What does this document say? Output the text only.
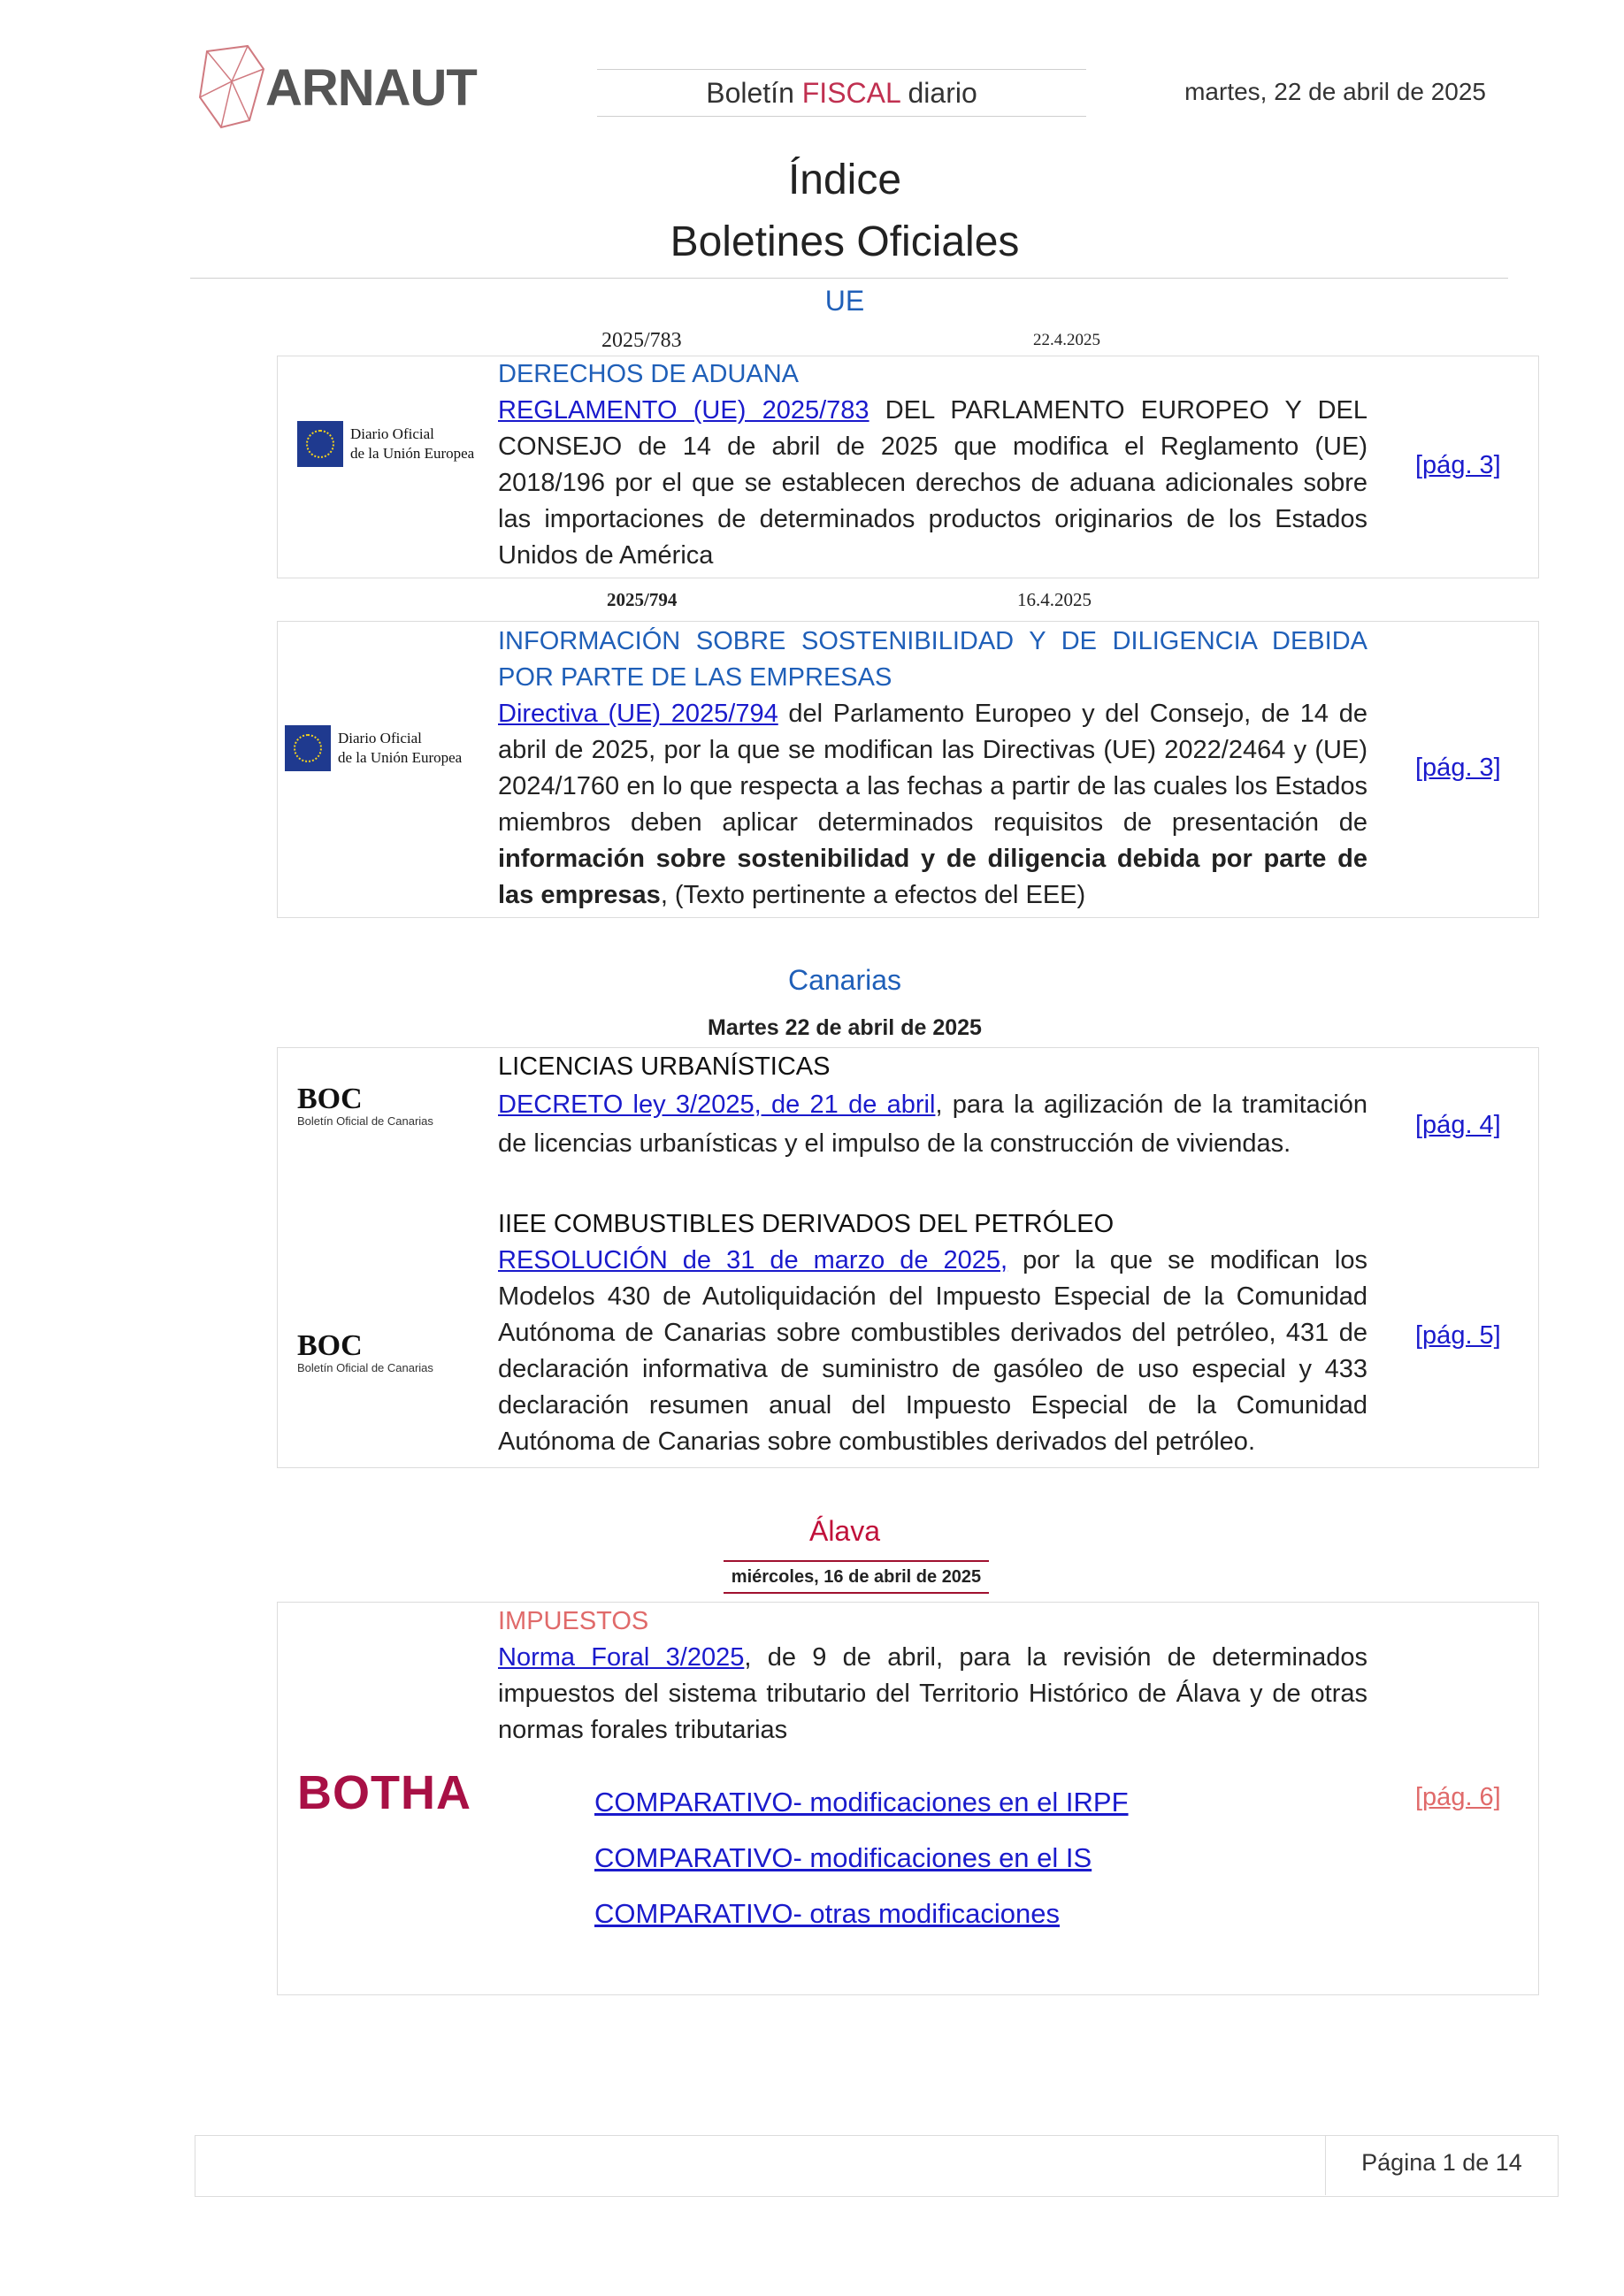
ARNAUT	Boletín FISCAL diario	martes, 22 de abril de 2025
Índice
Boletines Oficiales
UE
2025/783	22.4.2025
Diario Oficial
de la Unión Europea
DERECHOS DE ADUANA
REGLAMENTO (UE) 2025/783 DEL PARLAMENTO EUROPEO Y DEL CONSEJO de 14 de abril de 2025 que modifica el Reglamento (UE) 2018/196 por el que se establecen derechos de aduana adicionales sobre las importaciones de determinados productos originarios de los Estados Unidos de América
[pág. 3]
2025/794	16.4.2025
Diario Oficial
de la Unión Europea
INFORMACIÓN SOBRE SOSTENIBILIDAD Y DE DILIGENCIA DEBIDA POR PARTE DE LAS EMPRESAS
Directiva (UE) 2025/794 del Parlamento Europeo y del Consejo, de 14 de abril de 2025, por la que se modifican las Directivas (UE) 2022/2464 y (UE) 2024/1760 en lo que respecta a las fechas a partir de las cuales los Estados miembros deben aplicar determinados requisitos de presentación de información sobre sostenibilidad y de diligencia debida por parte de las empresas, (Texto pertinente a efectos del EEE)
[pág. 3]
Canarias
Martes 22 de abril de 2025
BOC
Boletín Oficial de Canarias
LICENCIAS URBANÍSTICAS
DECRETO ley 3/2025, de 21 de abril, para la agilización de la tramitación de licencias urbanísticas y el impulso de la construcción de viviendas.
[pág. 4]
BOC
Boletín Oficial de Canarias
IIEE COMBUSTIBLES DERIVADOS DEL PETRÓLEO
RESOLUCIÓN de 31 de marzo de 2025, por la que se modifican los Modelos 430 de Autoliquidación del Impuesto Especial de la Comunidad Autónoma de Canarias sobre combustibles derivados del petróleo, 431 de declaración informativa de suministro de gasóleo de uso especial y 433 declaración resumen anual del Impuesto Especial de la Comunidad Autónoma de Canarias sobre combustibles derivados del petróleo.
[pág. 5]
Álava
miércoles, 16 de abril de 2025
BOTHA
IMPUESTOS
Norma Foral 3/2025, de 9 de abril, para la revisión de determinados impuestos del sistema tributario del Territorio Histórico de Álava y de otras normas forales tributarias
COMPARATIVO- modificaciones en el IRPF
COMPARATIVO- modificaciones en el IS
COMPARATIVO- otras modificaciones
[pág. 6]
Página 1 de 14
